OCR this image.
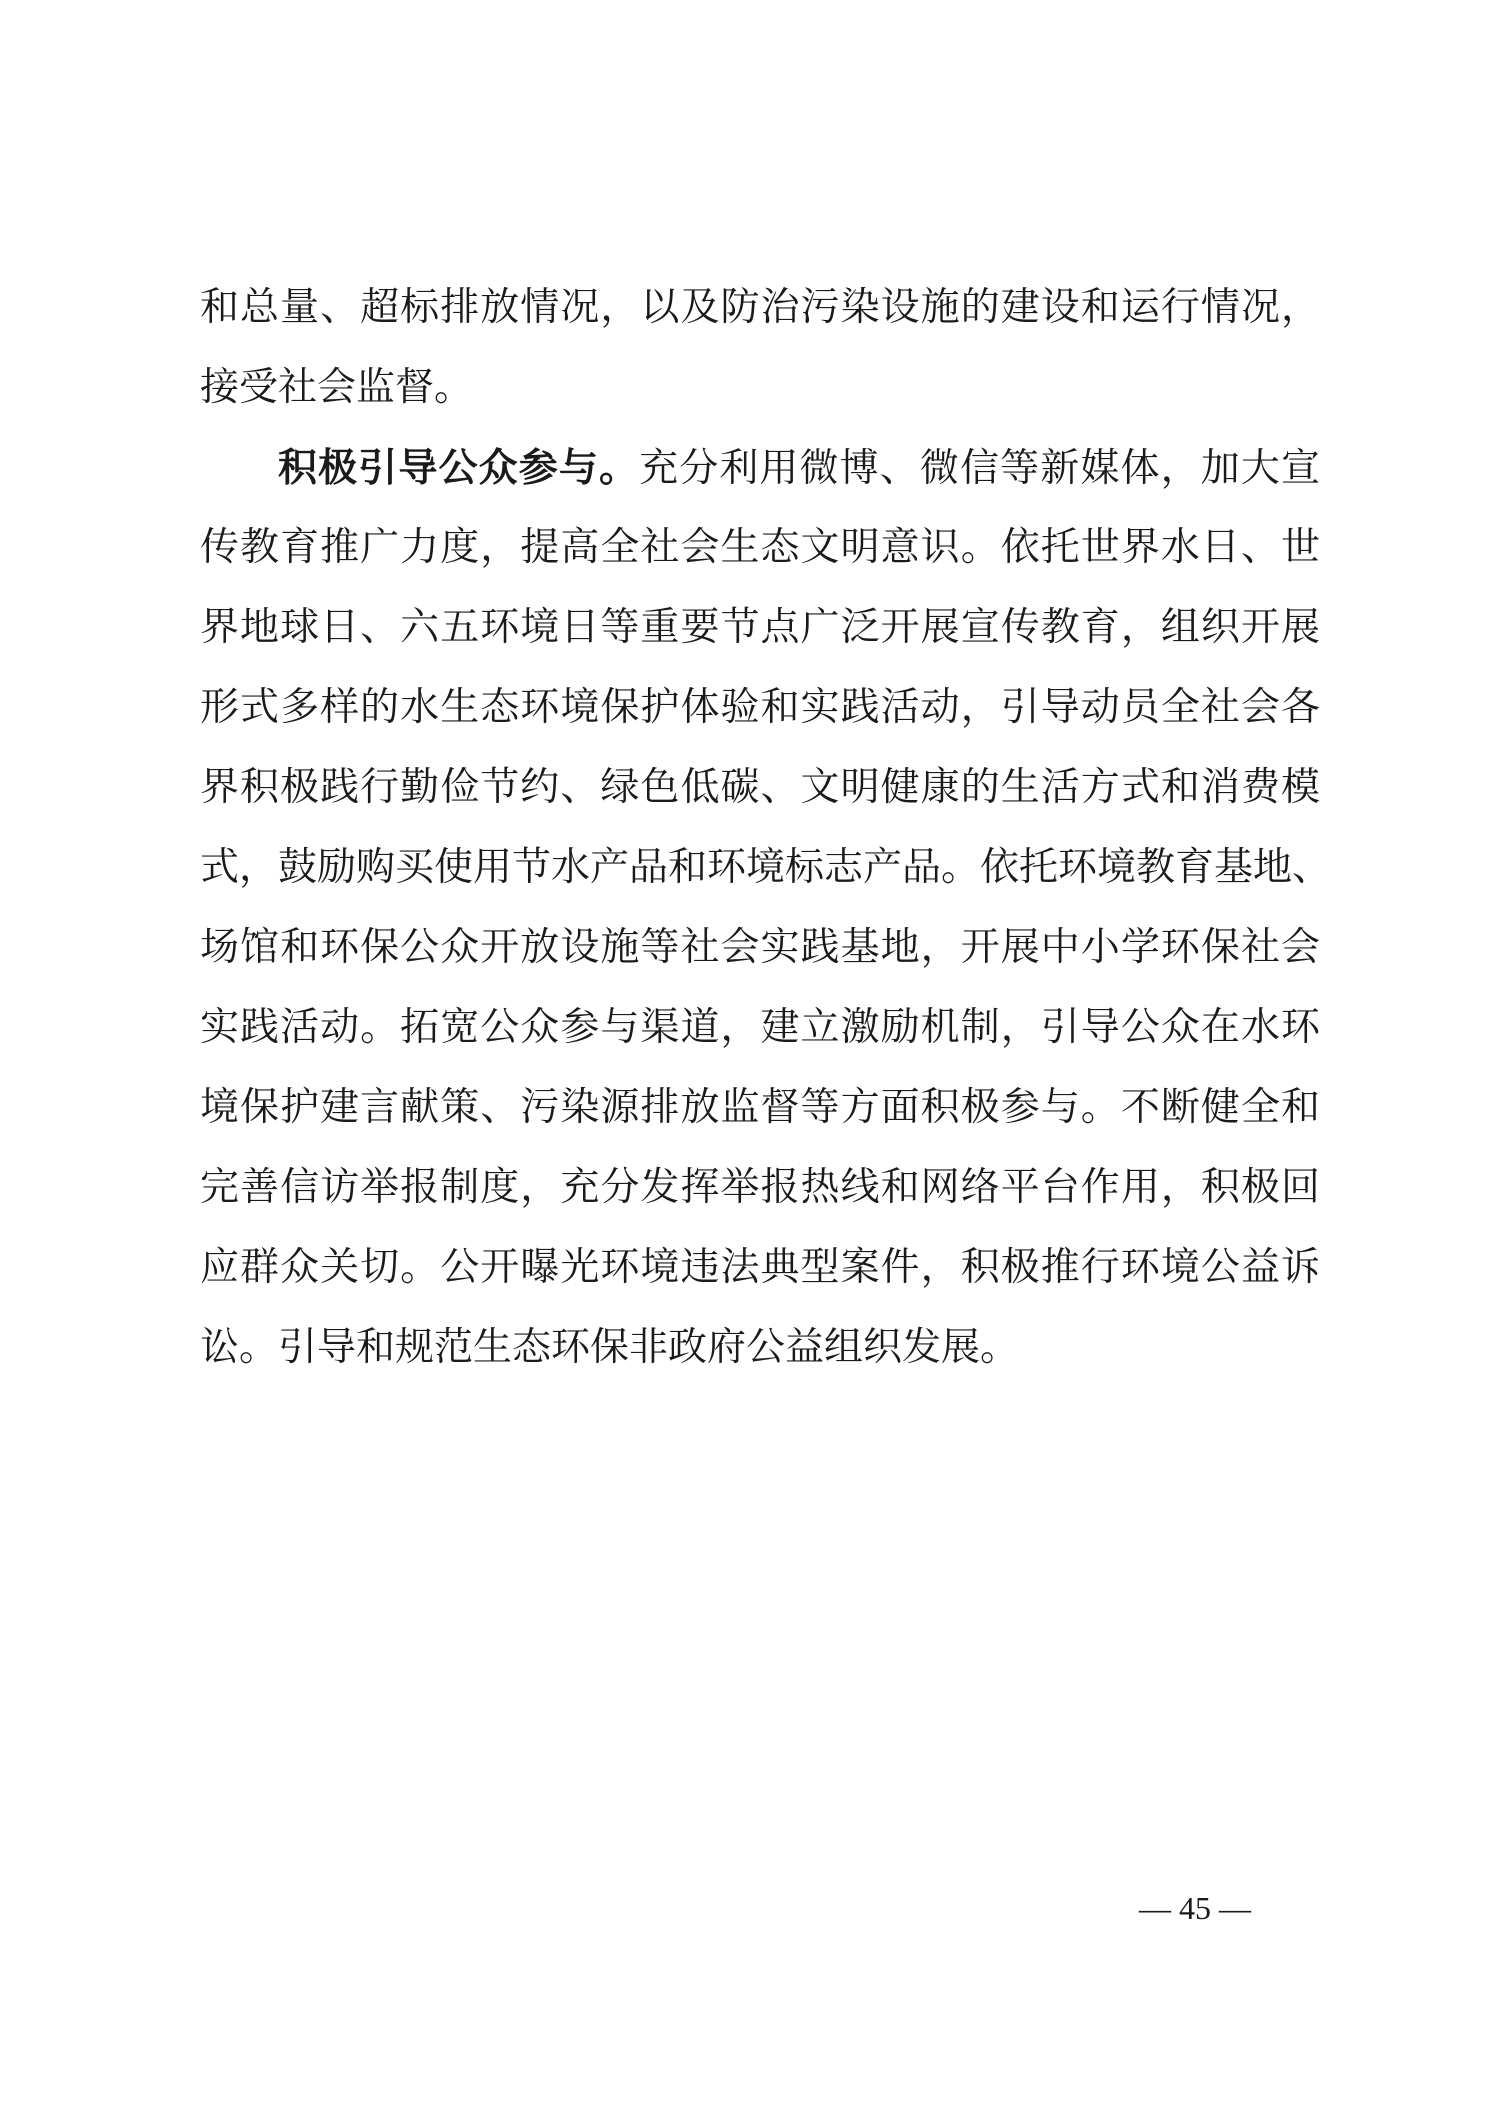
和总量、超标排放情况，以及防治污染设施的建设和运行情况，
接受社会监督。
积极引导公众参与。充分利用微博、微信等新媒体，加大宣
传教育推广力度，提高全社会生态文明意识。依托世界水日、世
界地球日、六五环境日等重要节点广泛开展宣传教育，组织开展
形式多样的水生态环境保护体验和实践活动，引导动员全社会各
界积极践行勤俭节约、绿色低碳、文明健康的生活方式和消费模
式，鼓励购买使用节水产品和环境标志产品。依托环境教育基地、
场馆和环保公众开放设施等社会实践基地，开展中小学环保社会
实践活动。拓宽公众参与渠道，建立激励机制，引导公众在水环
境保护建言献策、污染源排放监督等方面积极参与。不断健全和
完善信访举报制度，充分发挥举报热线和网络平台作用，积极回
应群众关切。公开曝光环境违法典型案件，积极推行环境公益诉
讼。引导和规范生态环保非政府公益组织发展。
— 45 —
